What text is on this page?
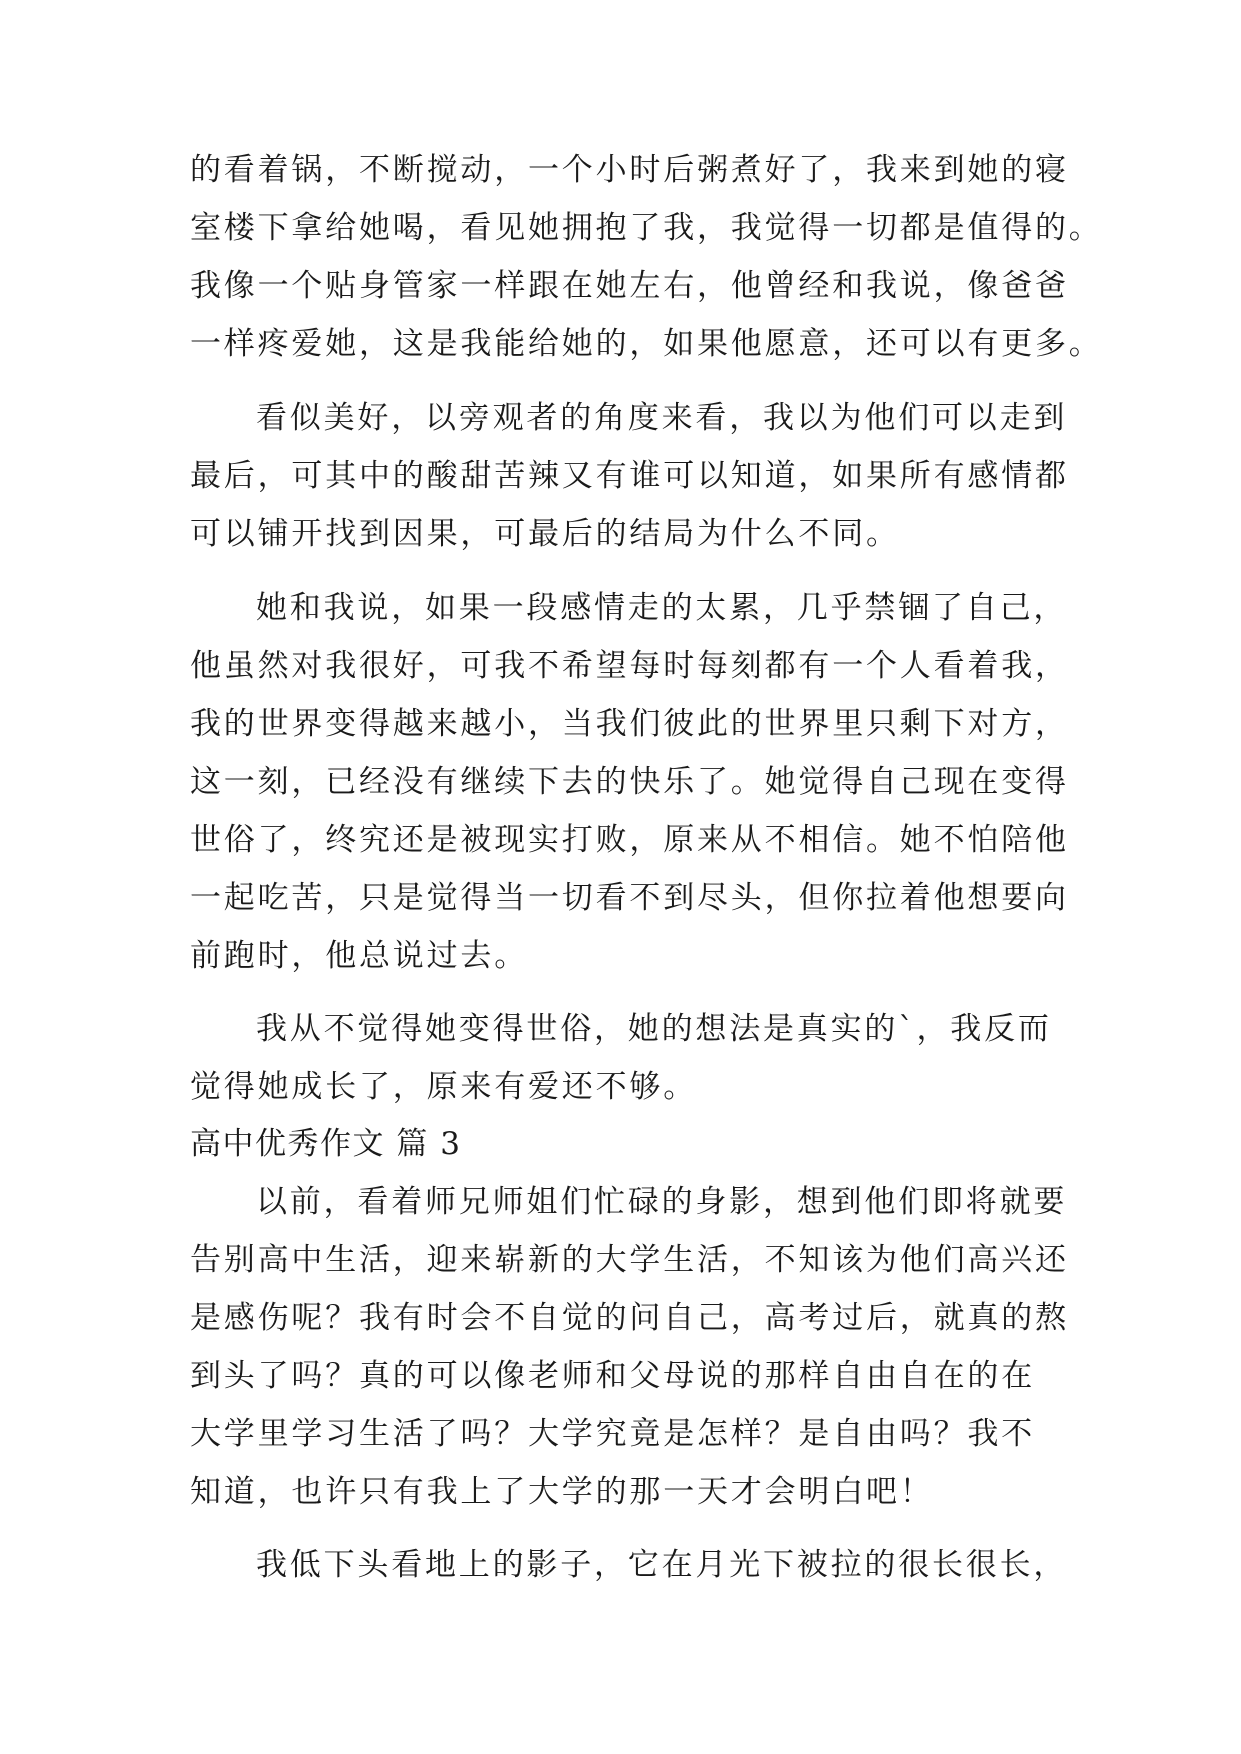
的看着锅，不断搅动，一个小时后粥煮好了，我来到她的寝
室楼下拿给她喝，看见她拥抱了我，我觉得一切都是值得的。
我像一个贴身管家一样跟在她左右，他曾经和我说，像爸爸
一样疼爱她，这是我能给她的，如果他愿意，还可以有更多。
看似美好，以旁观者的角度来看，我以为他们可以走到
最后，可其中的酸甜苦辣又有谁可以知道，如果所有感情都
可以铺开找到因果，可最后的结局为什么不同。
她和我说，如果一段感情走的太累，几乎禁锢了自己，
他虽然对我很好，可我不希望每时每刻都有一个人看着我，
我的世界变得越来越小，当我们彼此的世界里只剩下对方，
这一刻，已经没有继续下去的快乐了。她觉得自己现在变得
世俗了，终究还是被现实打败，原来从不相信。她不怕陪他
一起吃苦，只是觉得当一切看不到尽头，但你拉着他想要向
前跑时，他总说过去。
我从不觉得她变得世俗，她的想法是真实的`，我反而
觉得她成长了，原来有爱还不够。
高中优秀作文 篇 3
以前，看着师兄师姐们忙碌的身影，想到他们即将就要
告别高中生活，迎来崭新的大学生活，不知该为他们高兴还
是感伤呢？我有时会不自觉的问自己，高考过后，就真的熬
到头了吗？真的可以像老师和父母说的那样自由自在的在
大学里学习生活了吗？大学究竟是怎样？是自由吗？我不
知道，也许只有我上了大学的那一天才会明白吧！
我低下头看地上的影子，它在月光下被拉的很长很长，
